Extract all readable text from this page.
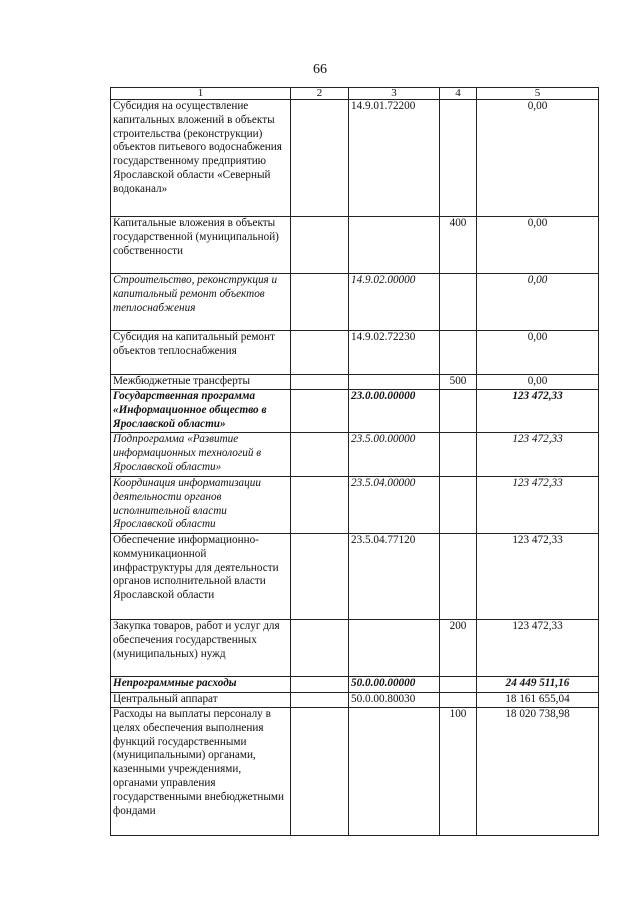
66
1	2	3	4	5
Субсидия на осуществление капитальных вложений в объекты строительства (реконструкции) объектов питьевого водоснабжения государственному предприятию Ярославской области «Северный водоканал»		14.9.01.72200		0,00
Капитальные вложения в объекты государственной (муниципальной) собственности			400	0,00
Строительство, реконструкция и капитальный ремонт объектов теплоснабжения		14.9.02.00000		0,00
Субсидия на капитальный ремонт объектов теплоснабжения		14.9.02.72230		0,00
Межбюджетные трансферты			500	0,00
Государственная программа «Информационное общество в Ярославской области»		23.0.00.00000		123 472,33
Подпрограмма «Развитие информационных технологий в Ярославской области»		23.5.00.00000		123 472,33
Координация информатизации деятельности органов исполнительной власти Ярославской области		23.5.04.00000		123 472,33
Обеспечение информационно-коммуникационной инфраструктуры для деятельности органов исполнительной власти Ярославской области		23.5.04.77120		123 472,33
Закупка товаров, работ и услуг для обеспечения государственных (муниципальных) нужд			200	123 472,33
Непрограммные расходы		50.0.00.00000		24 449 511,16
Центральный аппарат		50.0.00.80030		18 161 655,04
Расходы на выплаты персоналу в целях обеспечения выполнения функций государственными (муниципальными) органами, казенными учреждениями, органами управления государственными внебюджетными фондами			100	18 020 738,98
